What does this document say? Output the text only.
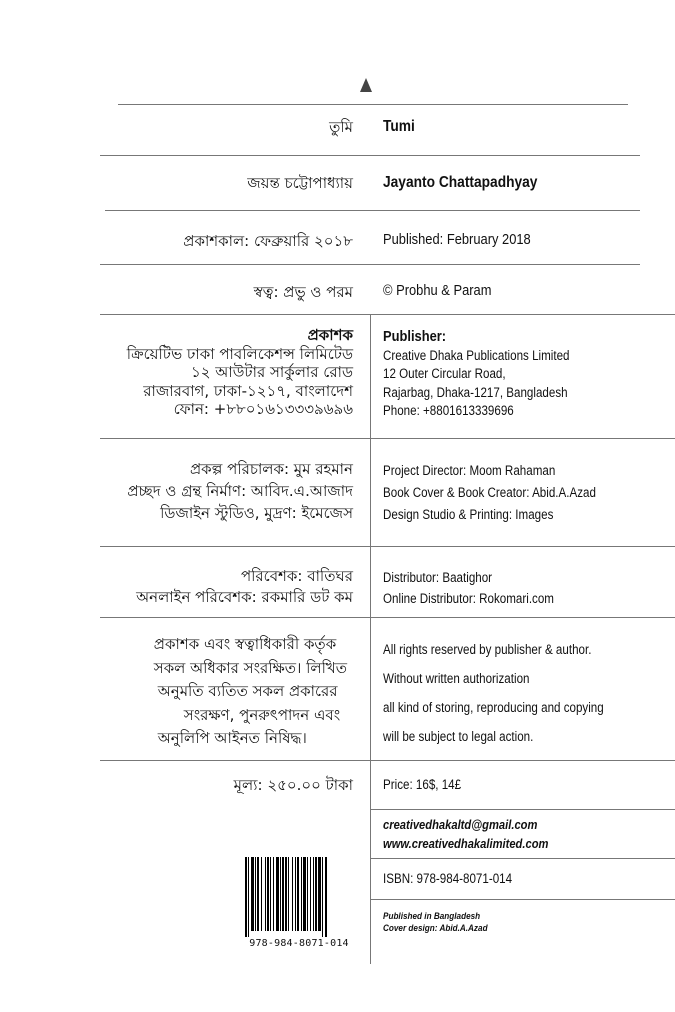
তুমি Tumi
জয়ন্ত চট্টোপাধ্যায় Jayanto Chattapadhyay
প্রকাশকাল: ফেব্রুয়ারি ২০১৮ Published: February 2018
স্বত্ব: প্রভু ও পরম © Probhu & Param
প্রকাশক
ক্রিয়েটিভ ঢাকা পাবলিকেশন্স লিমিটেড
১২ আউটার সার্কুলার রোড
রাজারবাগ, ঢাকা-১২১৭, বাংলাদেশ
ফোন: +৮৮০১৬১৩৩৩৯৬৯৬
Publisher:
Creative Dhaka Publications Limited
12 Outer Circular Road,
Rajarbag, Dhaka-1217, Bangladesh
Phone: +8801613339696
প্রকল্প পরিচালক: মুম রহমান
প্রচ্ছদ ও গ্রন্থ নির্মাণ: আবিদ.এ.আজাদ
ডিজাইন স্টুডিও, মুদ্রণ: ইমেজেস
Project Director: Moom Rahaman
Book Cover & Book Creator: Abid.A.Azad
Design Studio & Printing: Images
পরিবেশক: বাতিঘর
অনলাইন পরিবেশক: রকমারি ডট কম
Distributor: Baatighor
Online Distributor: Rokomari.com
প্রকাশক এবং স্বত্বাধিকারী কর্তৃক
সকল অধিকার সংরক্ষিত। লিখিত
অনুমতি ব্যতিত সকল প্রকারের
সংরক্ষণ, পুনরুৎপাদন এবং
অনুলিপি আইনত নিষিদ্ধ।
All rights reserved by publisher & author.
Without written authorization
all kind of storing, reproducing and copying
will be subject to legal action.
মূল্য: ২৫০.০০ টাকা Price: 16$, 14£
creativedhakaltd@gmail.com
www.creativedhakalimited.com
ISBN: 978-984-8071-014
Published in Bangladesh
Cover design: Abid.A.Azad
978-984-8071-014
